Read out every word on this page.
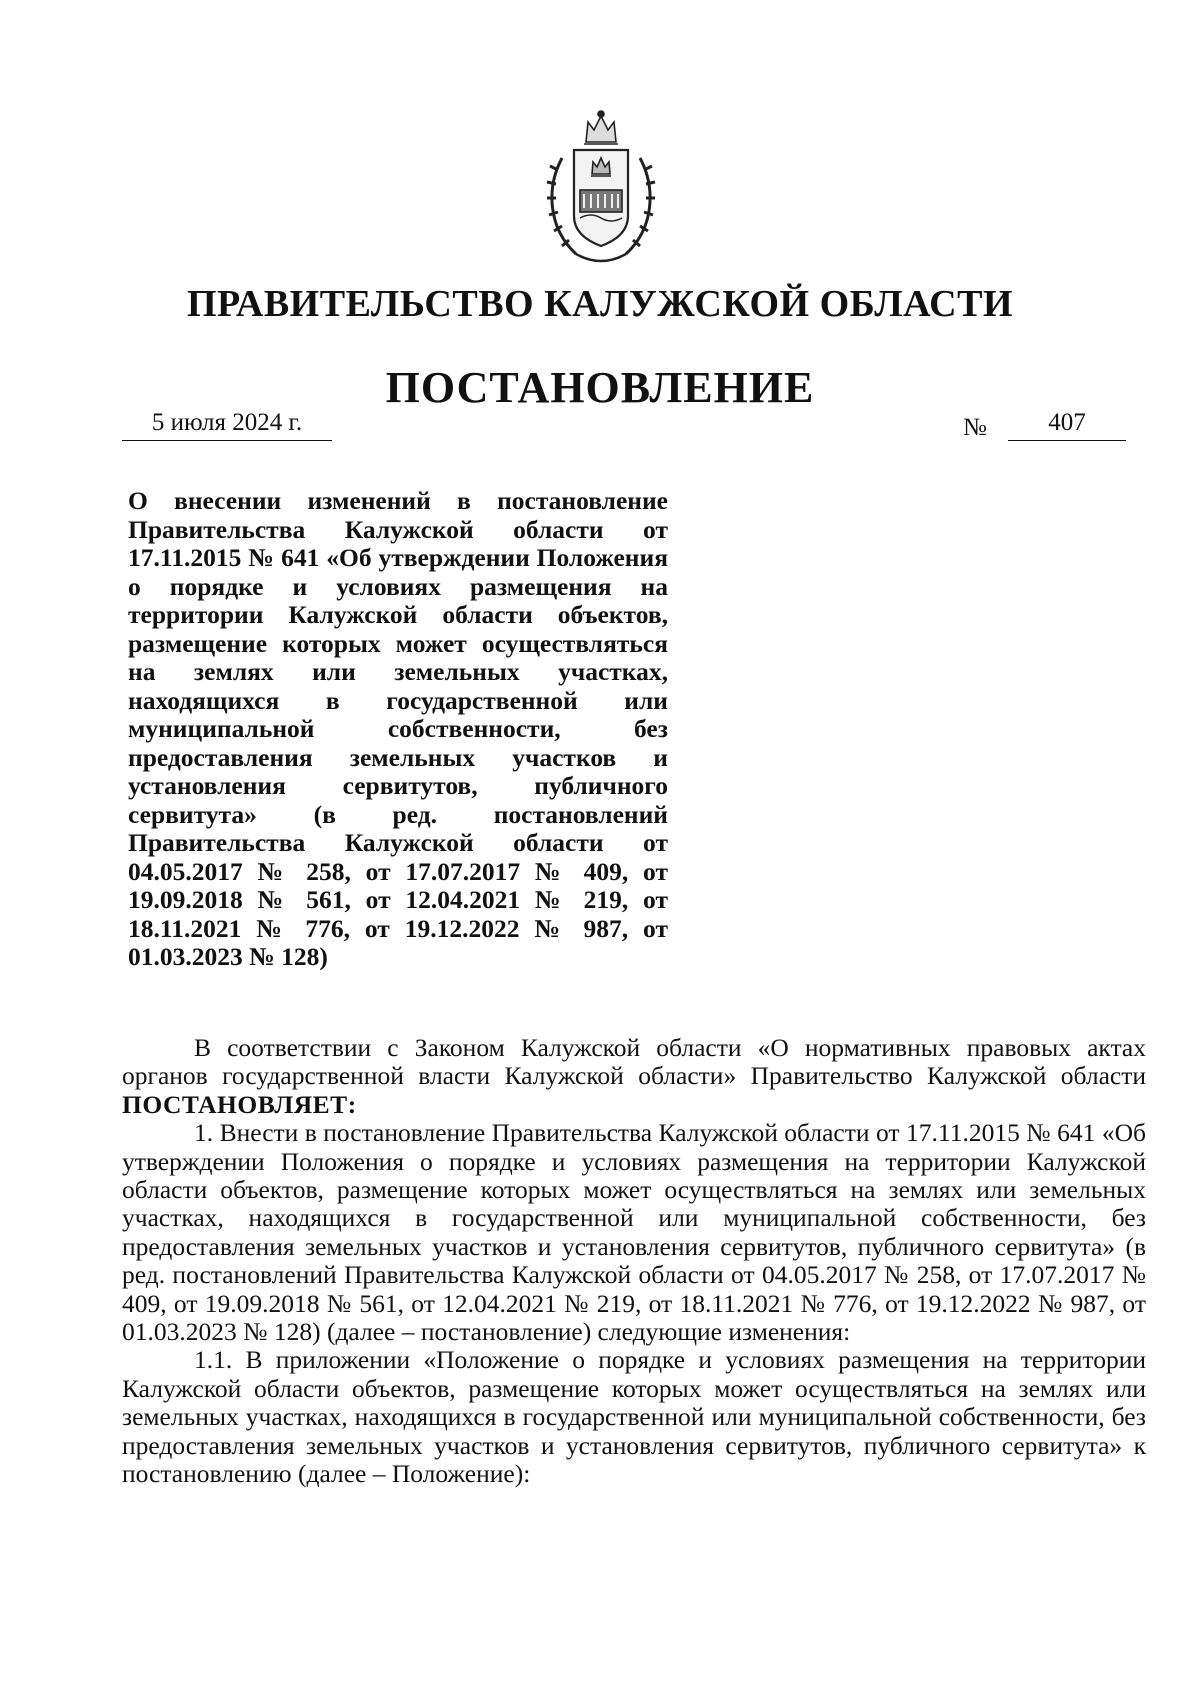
ПРАВИТЕЛЬСТВО КАЛУЖСКОЙ ОБЛАСТИ
ПОСТАНОВЛЕНИЕ
5 июля 2024 г.	№	407
О внесении изменений в постановление Правительства Калужской области от 17.11.2015 № 641 «Об утверждении Положения о порядке и условиях размещения на территории Калужской области объектов, размещение которых может осуществляться на землях или земельных участках, находящихся в государственной или муниципальной собственности, без предоставления земельных участков и установления сервитутов, публичного сервитута» (в ред. постановлений Правительства Калужской области от 04.05.2017 № 258, от 17.07.2017 № 409, от 19.09.2018 № 561, от 12.04.2021 № 219, от 18.11.2021 № 776, от 19.12.2022 № 987, от 01.03.2023 № 128)

В соответствии с Законом Калужской области «О нормативных правовых актах органов государственной власти Калужской области» Правительство Калужской области ПОСТАНОВЛЯЕТ:

1. Внести в постановление Правительства Калужской области от 17.11.2015 № 641 «Об утверждении Положения о порядке и условиях размещения на территории Калужской области объектов, размещение которых может осуществляться на землях или земельных участках, находящихся в государственной или муниципальной собственности, без предоставления земельных участков и установления сервитутов, публичного сервитута» (в ред. постановлений Правительства Калужской области от 04.05.2017 № 258, от 17.07.2017 № 409, от 19.09.2018 № 561, от 12.04.2021 № 219, от 18.11.2021 № 776, от 19.12.2022 № 987, от 01.03.2023 № 128) (далее – постановление) следующие изменения:

1.1. В приложении «Положение о порядке и условиях размещения на территории Калужской области объектов, размещение которых может осуществляться на землях или земельных участках, находящихся в государственной или муниципальной собственности, без предоставления земельных участков и установления сервитутов, публичного сервитута» к постановлению (далее – Положение):
